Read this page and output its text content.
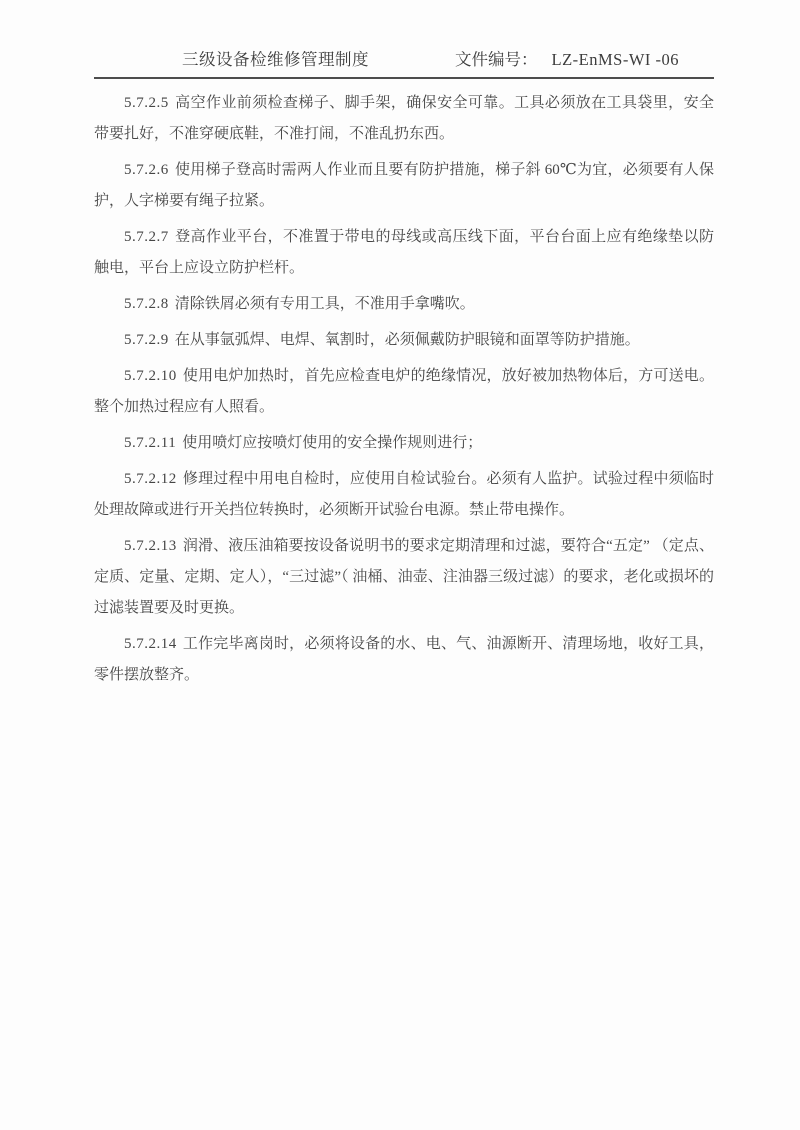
三级设备检维修管理制度	文件编号： LZ-EnMS-WI -06

5.7.2.5 高空作业前须检查梯子、脚手架，确保安全可靠。工具必须放在工具袋里，安全带要扎好，不准穿硬底鞋，不准打闹，不准乱扔东西。

5.7.2.6 使用梯子登高时需两人作业而且要有防护措施，梯子斜 60℃为宜，必须要有人保护，人字梯要有绳子拉紧。

5.7.2.7 登高作业平台，不准置于带电的母线或高压线下面，平台台面上应有绝缘垫以防触电，平台上应设立防护栏杆。

5.7.2.8 清除铁屑必须有专用工具，不准用手拿嘴吹。

5.7.2.9 在从事氩弧焊、电焊、氧割时，必须佩戴防护眼镜和面罩等防护措施。

5.7.2.10 使用电炉加热时，首先应检查电炉的绝缘情况，放好被加热物体后，方可送电。整个加热过程应有人照看。

5.7.2.11 使用喷灯应按喷灯使用的安全操作规则进行；

5.7.2.12 修理过程中用电自检时，应使用自检试验台。必须有人监护。试验过程中须临时处理故障或进行开关挡位转换时，必须断开试验台电源。禁止带电操作。

5.7.2.13 润滑、液压油箱要按设备说明书的要求定期清理和过滤，要符合“五定” （定点、定质、定量、定期、定人），“三过滤”（ 油桶、油壶、注油器三级过滤）的要求，老化或损坏的过滤装置要及时更换。

5.7.2.14 工作完毕离岗时，必须将设备的水、电、气、油源断开、清理场地，收好工具，零件摆放整齐。
